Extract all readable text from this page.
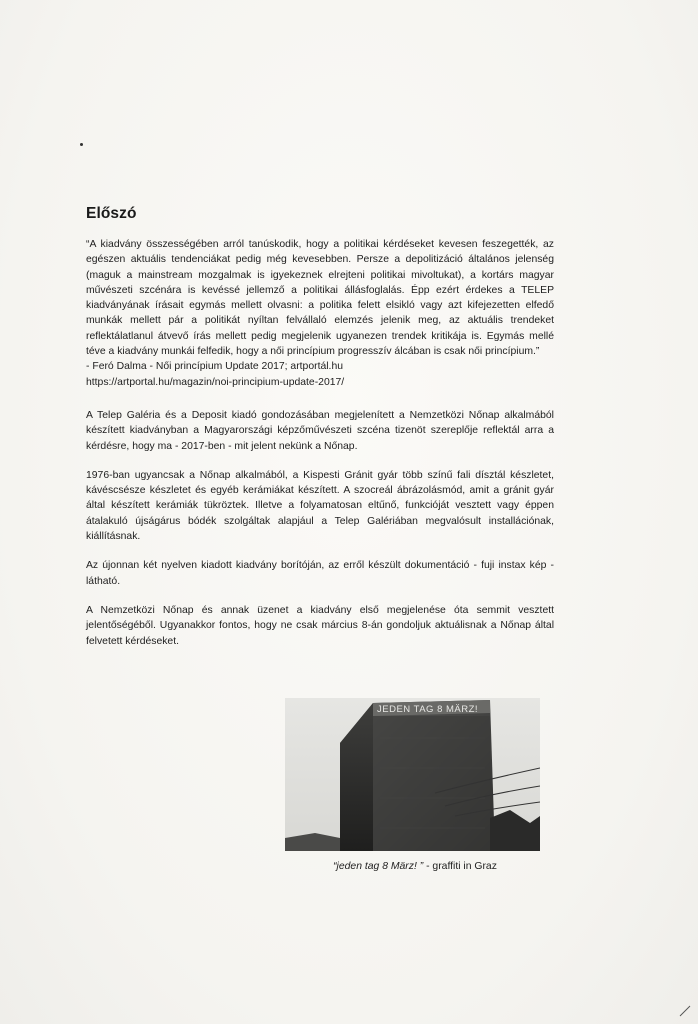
Előszó

“A kiadvány összességében arról tanúskodik, hogy a politikai kérdéseket kevesen feszegették, az egészen aktuális tendenciákat pedig még kevesebben. Persze a depolitizáció általános jelenség (maguk a mainstream mozgalmak is igyekeznek elrejteni politikai mivoltukat), a kortárs magyar művészeti szcénára is kevéssé jellemző a politikai állásfoglalás. Épp ezért érdekes a TELEP kiadványának írásait egymás mellett olvasni: a politika felett elsikló vagy azt kifejezetten elfedő munkák mellett pár a politikát nyíltan felvállaló elemzés jelenik meg, az aktuális trendeket reflektálatlanul átvevő írás mellett pedig megjelenik ugyanezen trendek kritikája is. Egymás mellé téve a kiadvány munkái felfedik, hogy a női princípium progresszív álcában is csak női princípium.”

- Feró Dalma - Női princípium Update 2017; artportál.hu
https://artportal.hu/magazin/noi-principium-update-2017/

A Telep Galéria és a Deposit kiadó gondozásában megjelenített a Nemzetközi Nőnap alkalmából készített kiadványban a Magyarországi képzőművészeti szcéna tizenöt szereplője reflektál arra a kérdésre, hogy ma - 2017-ben - mit jelent nekünk a Nőnap.

1976-ban ugyancsak a Nőnap alkalmából, a Kispesti Gránit gyár több színű fali dísztál készletet, kávéscsésze készletet és egyéb kerámiákat készített. A szocreál ábrázolásmód, amit a gránit gyár által készített kerámiák tükröztek. Illetve a folyamatosan eltűnő, funkcióját vesztett vagy éppen átalakuló újságárus bódék szolgáltak alapjául a Telep Galériában megvalósult installációnak, kiállításnak.

Az újonnan két nyelven kiadott kiadvány borítóján, az erről készült dokumentáció - fuji instax kép - látható.

A Nemzetközi Nőnap és annak üzenet a kiadvány első megjelenése óta semmit vesztett jelentőségéből. Ugyanakkor fontos, hogy ne csak március 8-án gondoljuk aktuálisnak a Nőnap által felvetett kérdéseket.

JEDEN TAG 8 MÄRZ!
“jeden tag 8 März! ” - graffiti in Graz
